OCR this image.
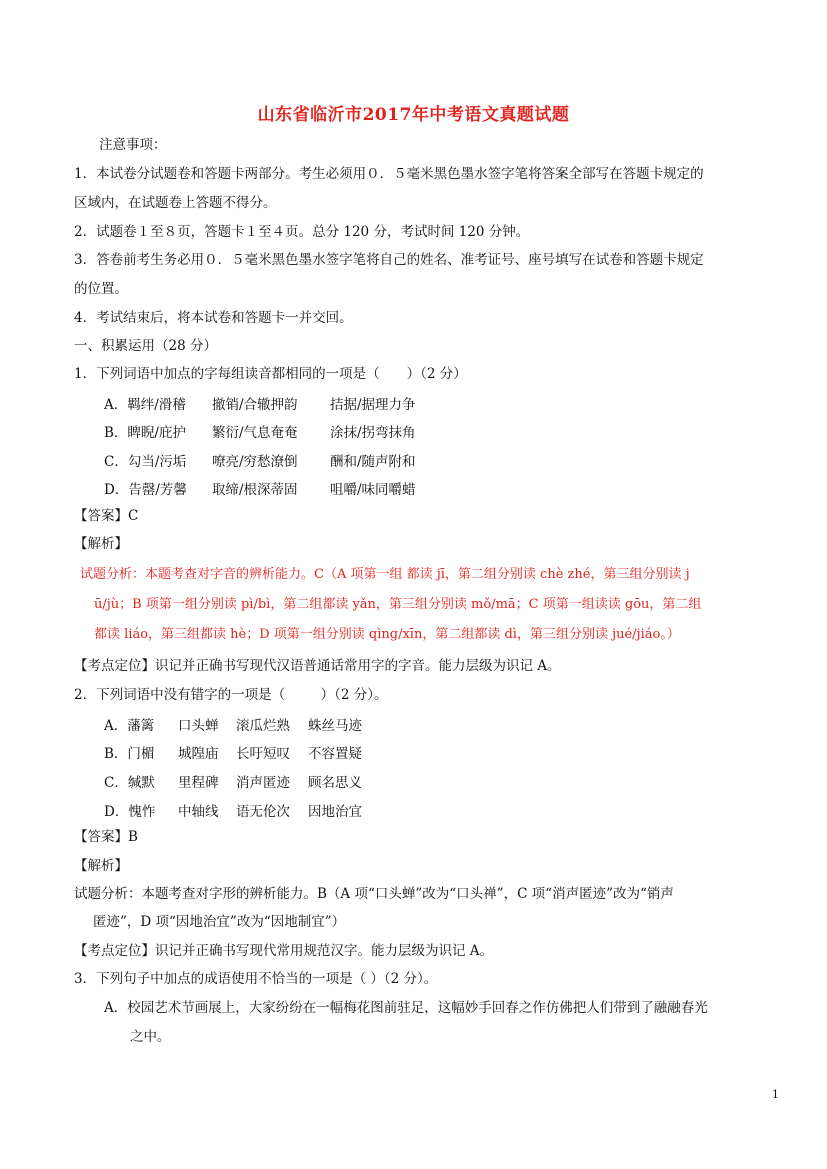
山东省临沂市2017年中考语文真题试题
注意事项：
1．本试卷分试题卷和答题卡两部分。考生必须用０．５毫米黑色墨水签字笔将答案全部写在答题卡规定的
区域内，在试题卷上答题不得分。
2．试题卷１至８页，答题卡１至４页。总分 120 分，考试时间 120 分钟。
3．答卷前考生务必用０．５毫米黑色墨水签字笔将自己的姓名、准考证号、座号填写在试卷和答题卡规定
的位置。
4．考试结束后，将本试卷和答题卡一并交回。
一、积累运用（28 分）
1．下列词语中加点的字每组读音都相同的一项是（　　）（2 分）
A．羁绊/滑稽 撤销/合辙押韵 拮据/据理力争
B．睥睨/庇护 繁衍/气息奄奄 涂抹/拐弯抹角
C．勾当/污垢 嘹亮/穷愁潦倒 酬和/随声附和
D．告罄/芳馨 取缔/根深蒂固 咀嚼/味同嚼蜡
【答案】C
【解析】
试题分析：本题考查对字音的辨析能力。C（A 项第一组 都读 jī，第二组分别读 chè zhé，第三组分别读 j
ū/jù；B 项第一组分别读 pì/bì，第二组都读 yǎn，第三组分别读 mǒ/mā；C 项第一组读读 gōu，第二组
都读 liáo，第三组都读 hè；D 项第一组分别读 qìng/xīn，第二组都读 dì，第三组分别读 jué/jiáo。）
【考点定位】识记并正确书写现代汉语普通话常用字的字音。能力层级为识记 A。
2．下列词语中没有错字的一项是（　）（2 分）。
A．藩篱 口头蝉 滚瓜烂熟 蛛丝马迹
B．门楣 城隍庙 长吁短叹 不容置疑
C．缄默 里程碑 消声匿迹 顾名思义
D．愧怍 中轴线 语无伦次 因地治宜
【答案】B
【解析】
试题分析：本题考查对字形的辨析能力。B（A 项“口头蝉”改为“口头禅”，C 项“消声匿迹”改为“销声
匿迹”，D 项“因地治宜”改为“因地制宜”）
【考点定位】识记并正确书写现代常用规范汉字。能力层级为识记 A。
3．下列句子中加点的成语使用不恰当的一项是（ ）（2 分）。
A．校园艺术节画展上，大家纷纷在一幅梅花图前驻足，这幅妙手回春之作仿佛把人们带到了融融春光
之中。
1
